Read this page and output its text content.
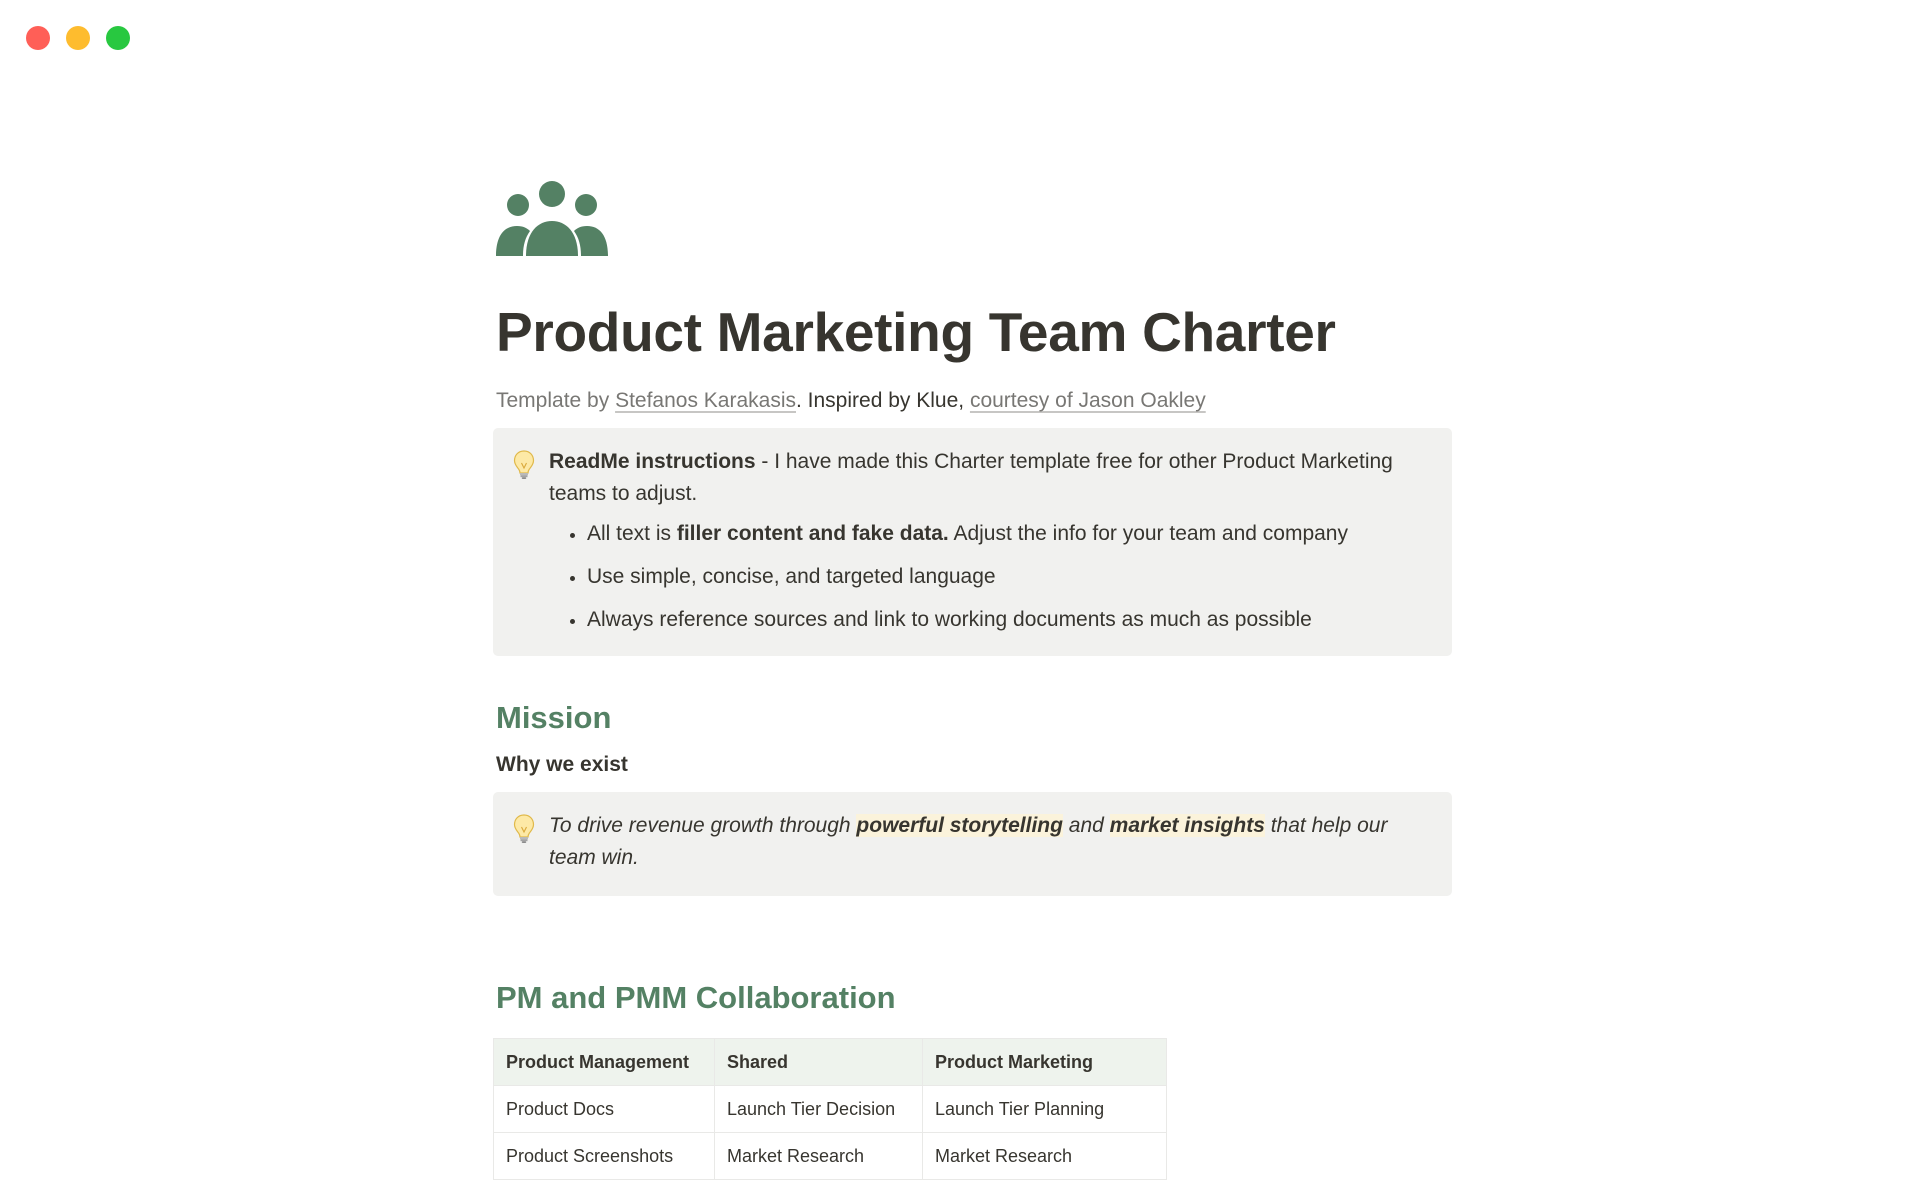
Product Marketing Team Charter
Template by Stefanos Karakasis. Inspired by Klue, courtesy of Jason Oakley

ReadMe instructions - I have made this Charter template free for other Product Marketing teams to adjust.

• All text is filler content and fake data. Adjust the info for your team and company
• Use simple, concise, and targeted language
• Always reference sources and link to working documents as much as possible
Mission
Why we exist
To drive revenue growth through powerful storytelling and market insights that help our team win.
PM and PMM Collaboration
Product Management	Shared	Product Marketing
Product Docs	Launch Tier Decision	Launch Tier Planning
Product Screenshots	Market Research	Market Research
